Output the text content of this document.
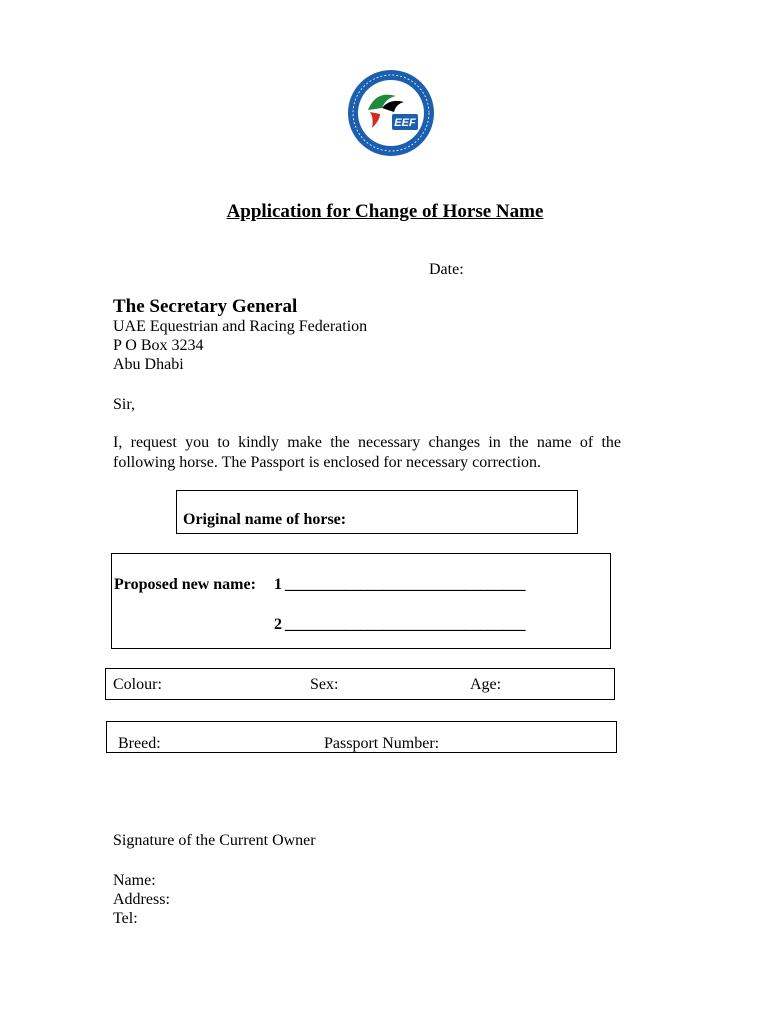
EEF
Application for Change of Horse Name
Date:
The Secretary General
UAE Equestrian and Racing Federation
P O Box 3234
Abu Dhabi
Sir,
I, request you to kindly make the necessary changes in the name of the following horse. The Passport is enclosed for necessary correction.
Original name of horse:
Proposed new name: 1 ________________________________
2 ________________________________
Colour:	Sex:	Age:
Breed:	Passport Number:
Signature of the Current Owner
Name:
Address:
Tel:
